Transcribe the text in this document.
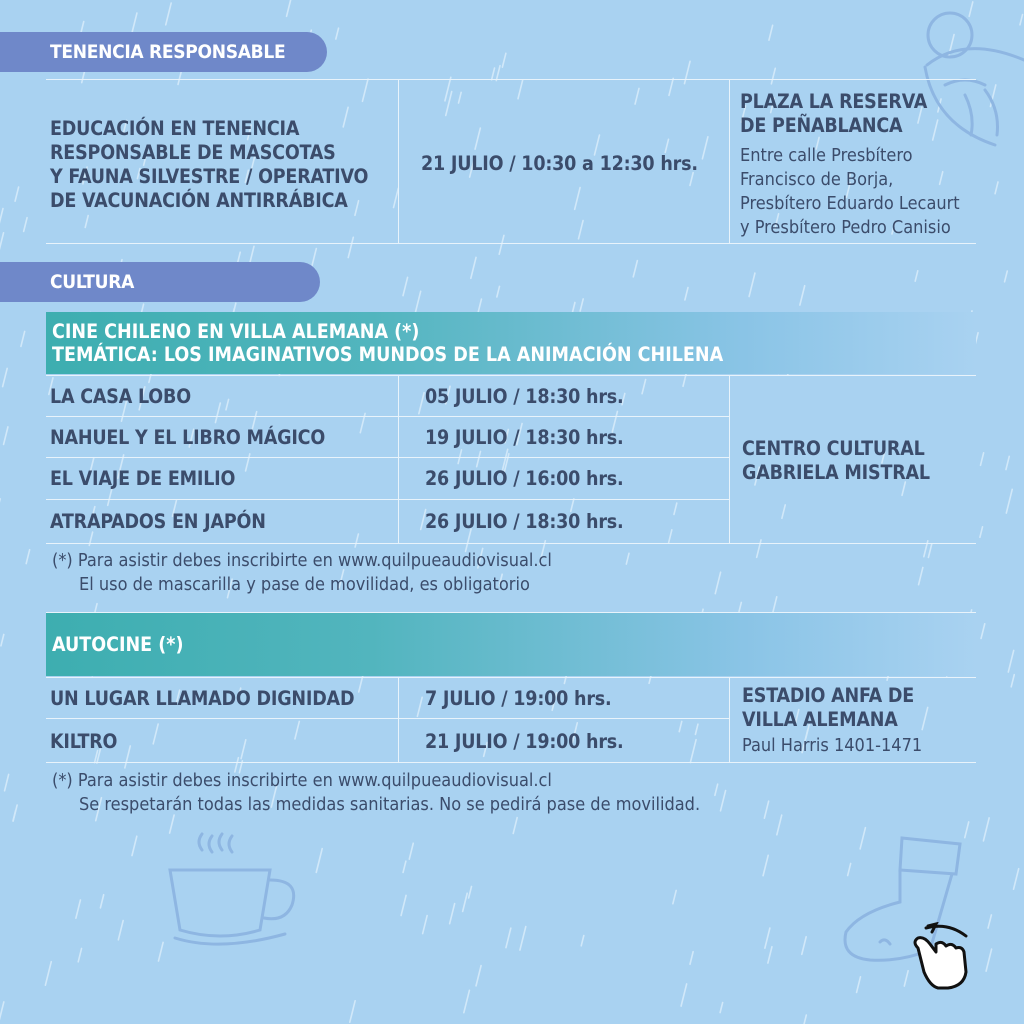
TENENCIA RESPONSABLE
EDUCACIÓN EN TENENCIA
RESPONSABLE DE MASCOTAS
Y FAUNA SILVESTRE / OPERATIVO
DE VACUNACIÓN ANTIRRÁBICA
21 JULIO / 10:30 a 12:30 hrs.
PLAZA LA RESERVA
DE PEÑABLANCA
Entre calle Presbítero
Francisco de Borja,
Presbítero Eduardo Lecaurt
y Presbítero Pedro Canisio
CULTURA
CINE CHILENO EN VILLA ALEMANA (*)
TEMÁTICA: LOS IMAGINATIVOS MUNDOS DE LA ANIMACIÓN CHILENA
LA CASA LOBO	05 JULIO / 18:30 hrs.
NAHUEL Y EL LIBRO MÁGICO	19 JULIO / 18:30 hrs.
EL VIAJE DE EMILIO	26 JULIO / 16:00 hrs.
ATRAPADOS EN JAPÓN	26 JULIO / 18:30 hrs.
CENTRO CULTURAL
GABRIELA MISTRAL
(*) Para asistir debes inscribirte en www.quilpueaudiovisual.cl
El uso de mascarilla y pase de movilidad, es obligatorio
AUTOCINE (*)
UN LUGAR LLAMADO DIGNIDAD	7 JULIO / 19:00 hrs.
KILTRO	21 JULIO / 19:00 hrs.
ESTADIO ANFA DE
VILLA ALEMANA
Paul Harris 1401-1471
(*) Para asistir debes inscribirte en www.quilpueaudiovisual.cl
Se respetarán todas las medidas sanitarias. No se pedirá pase de movilidad.
